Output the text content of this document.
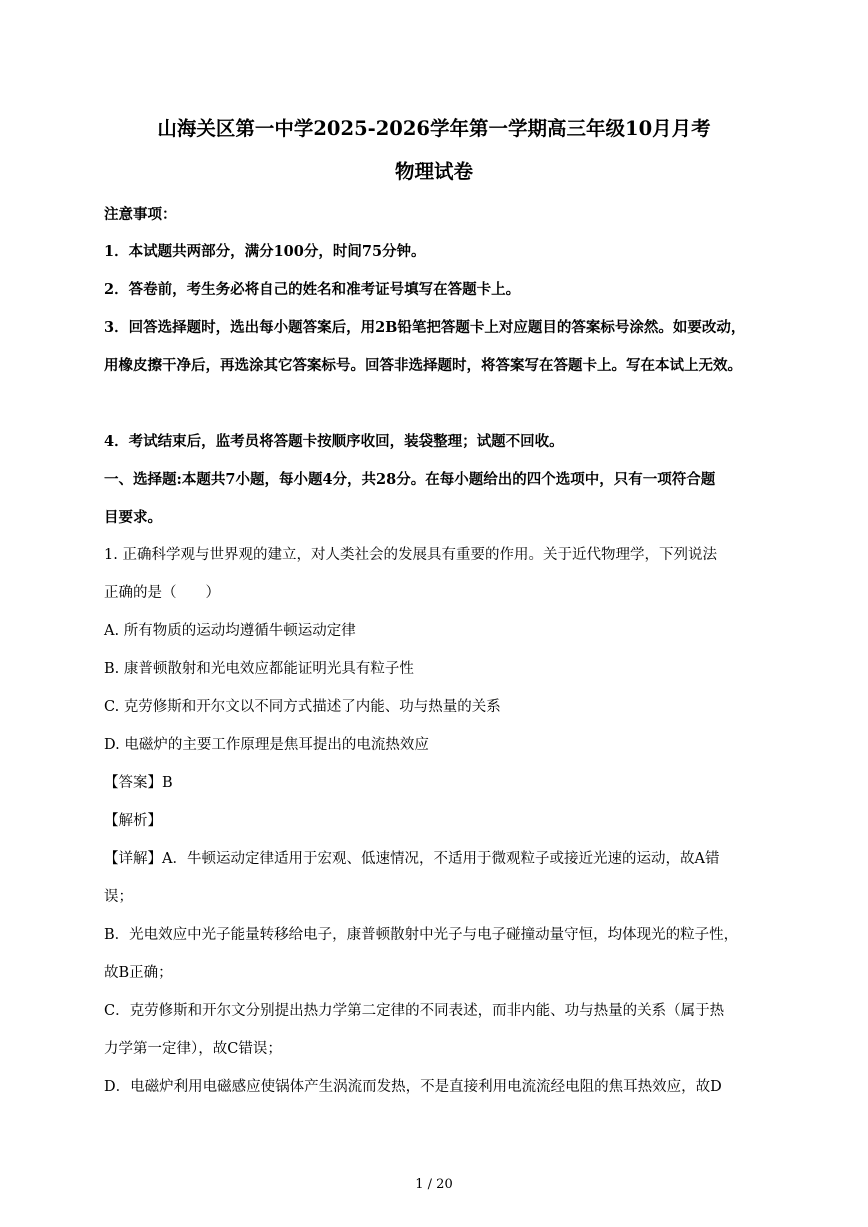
山海关区第一中学2025-2026学年第一学期高三年级10月月考
物理试卷
注意事项：
1．本试题共两部分，满分100分，时间75分钟。
2．答卷前，考生务必将自己的姓名和准考证号填写在答题卡上。
3．回答选择题时，选出每小题答案后，用2B铅笔把答题卡上对应题目的答案标号涂然。如要改动，
用橡皮擦干净后，再选涂其它答案标号。回答非选择题时，将答案写在答题卡上。写在本试上无效。
4．考试结束后，监考员将答题卡按顺序收回，装袋整理；试题不回收。
一、选择题:本题共7小题，每小题4分，共28分。在每小题给出的四个选项中，只有一项符合题
目要求。
1. 正确科学观与世界观的建立，对人类社会的发展具有重要的作用。关于近代物理学，下列说法
正确的是（　　）
A. 所有物质的运动均遵循牛顿运动定律
B. 康普顿散射和光电效应都能证明光具有粒子性
C. 克劳修斯和开尔文以不同方式描述了内能、功与热量的关系
D. 电磁炉的主要工作原理是焦耳提出的电流热效应
【答案】B
【解析】
【详解】A．牛顿运动定律适用于宏观、低速情况，不适用于微观粒子或接近光速的运动，故A错
误；
B．光电效应中光子能量转移给电子，康普顿散射中光子与电子碰撞动量守恒，均体现光的粒子性，
故B正确；
C．克劳修斯和开尔文分别提出热力学第二定律的不同表述，而非内能、功与热量的关系（属于热
力学第一定律），故C错误；
D．电磁炉利用电磁感应使锅体产生涡流而发热，不是直接利用电流流经电阻的焦耳热效应，故D
1 / 20
